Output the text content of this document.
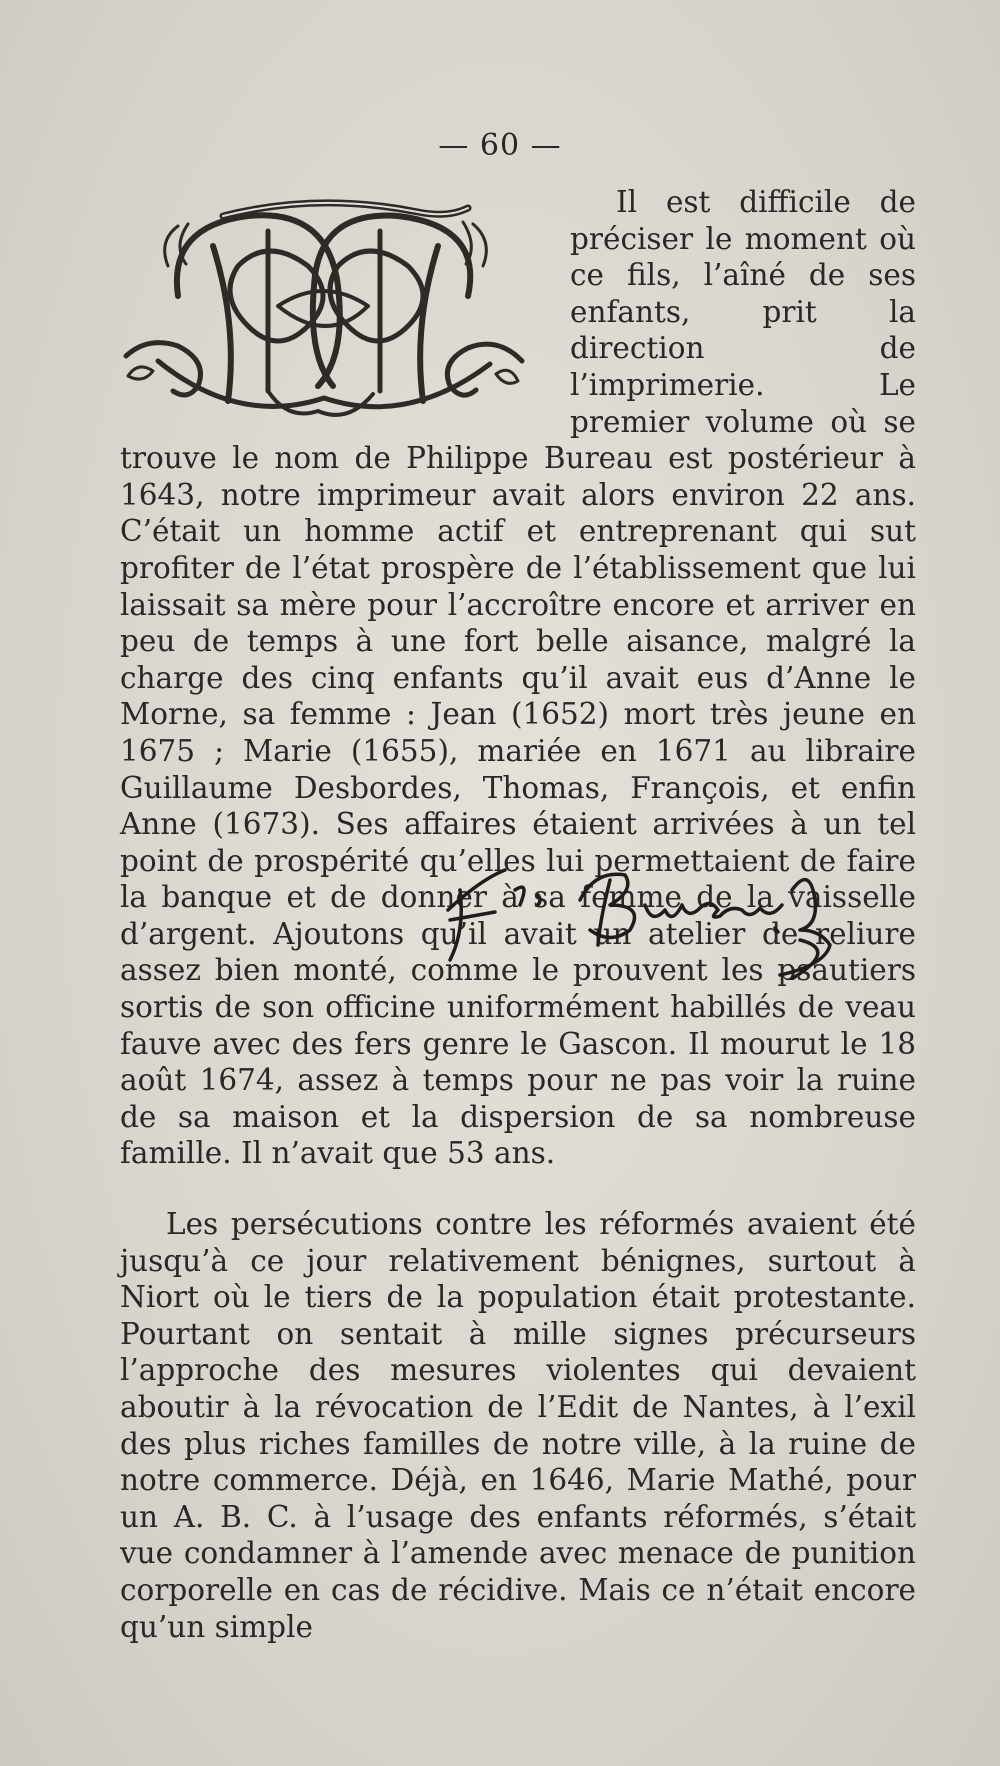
— 60 —

Il est difficile de préciser le moment où ce fils, l’aîné de ses enfants, prit la direction de l’imprimerie. Le premier volume où se trouve le nom de Philippe Bureau est postérieur à 1643, notre imprimeur avait alors environ 22 ans. C’était un homme actif et entreprenant qui sut profiter de l’état prospère de l’établissement que lui laissait sa mère pour l’accroître encore et arriver en peu de temps à une fort belle aisance, malgré la charge des cinq enfants qu’il avait eus d’Anne le Morne, sa femme : Jean (1652) mort très jeune en 1675 ; Marie (1655), mariée en 1671 au libraire Guillaume Desbordes, Thomas, François, et enfin Anne (1673). Ses affaires étaient arrivées à un tel point de prospérité qu’elles lui permettaient de faire la banque et de donner à sa femme de la vaisselle d’argent. Ajoutons qu’il avait un atelier de reliure assez bien monté, comme le prouvent les psautiers sortis de son officine uniformément habillés de veau fauve avec des fers genre le Gascon. Il mourut le 18 août 1674, assez à temps pour ne pas voir la ruine de sa maison et la dispersion de sa nombreuse famille. Il n’avait que 53 ans.

Les persécutions contre les réformés avaient été jusqu’à ce jour relativement bénignes, surtout à Niort où le tiers de la population était protestante. Pourtant on sentait à mille signes précurseurs l’approche des mesures violentes qui devaient aboutir à la révocation de l’Edit de Nantes, à l’exil des plus riches familles de notre ville, à la ruine de notre commerce. Déjà, en 1646, Marie Mathé, pour un A. B. C. à l’usage des enfants réformés, s’était vue condamner à l’amende avec menace de punition corporelle en cas de récidive. Mais ce n’était encore qu’un simple
